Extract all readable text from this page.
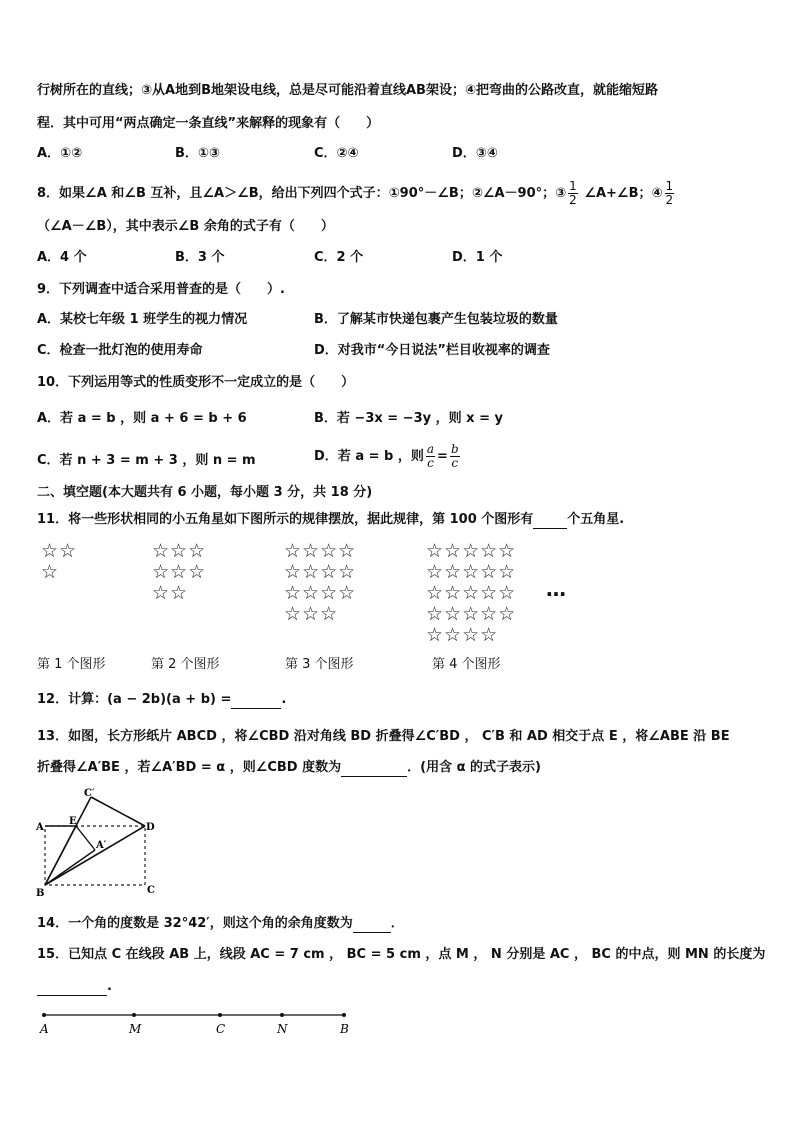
行树所在的直线；③从A地到B地架设电线，总是尽可能沿着直线AB架设；④把弯曲的公路改直，就能缩短路
程．其中可用“两点确定一条直线”来解释的现象有（　　）
A．①②	B．①③	C．②④	D．③④
8．如果∠A 和∠B 互补，且∠A＞∠B，给出下列四个式子：①90°－∠B；②∠A－90°；③ $\frac{1}{2}$ ∠A+∠B；④ $\frac{1}{2}$
（∠A－∠B），其中表示∠B 余角的式子有（　　）
A．4 个	B．3 个	C．2 个	D．1 个
9．下列调查中适合采用普查的是（　　）.
A．某校七年级 1 班学生的视力情况	B．了解某市快递包裹产生包装垃圾的数量
C．检查一批灯泡的使用寿命	D．对我市“今日说法”栏目收视率的调查
10．下列运用等式的性质变形不一定成立的是（　　）
A．若 a = b ，则 a + 6 = b + 6	B．若 −3x = −3y ，则 x = y
C．若 n + 3 = m + 3 ，则 n = m	D．若 a = b ，则 $\frac{a}{c} = \frac{b}{c}$
二、填空题(本大题共有 6 小题，每小题 3 分，共 18 分)
11．将一些形状相同的小五角星如下图所示的规律摆放，据此规律，第 100 个图形有	个五角星.
☆☆
☆
☆☆☆
☆☆☆
☆☆
☆☆☆☆
☆☆☆☆
☆☆☆☆
☆☆☆
☆☆☆☆☆
☆☆☆☆☆
☆☆☆☆☆
☆☆☆☆☆
☆☆☆☆
…
第 1 个图形	第 2 个图形	第 3 个图形	第 4 个图形
12．计算：(a − 2b)(a + b) =	.
13．如图，长方形纸片 ABCD ，将∠CBD 沿对角线 BD 折叠得∠C′BD ， C′B 和 AD 相交于点 E ，将∠ABE 沿 BE
折叠得∠A′BE ，若∠A′BD = α ，则∠CBD 度数为	．(用含 α 的式子表示)
A
B	C
D
E
C′
A′
14．一个角的度数是 32°42′，则这个角的余角度数为	．
15．已知点 C 在线段 AB 上，线段 AC = 7 cm ， BC = 5 cm ，点 M ， N 分别是 AC ， BC 的中点，则 MN 的长度为
.
A	M	C	N	B
